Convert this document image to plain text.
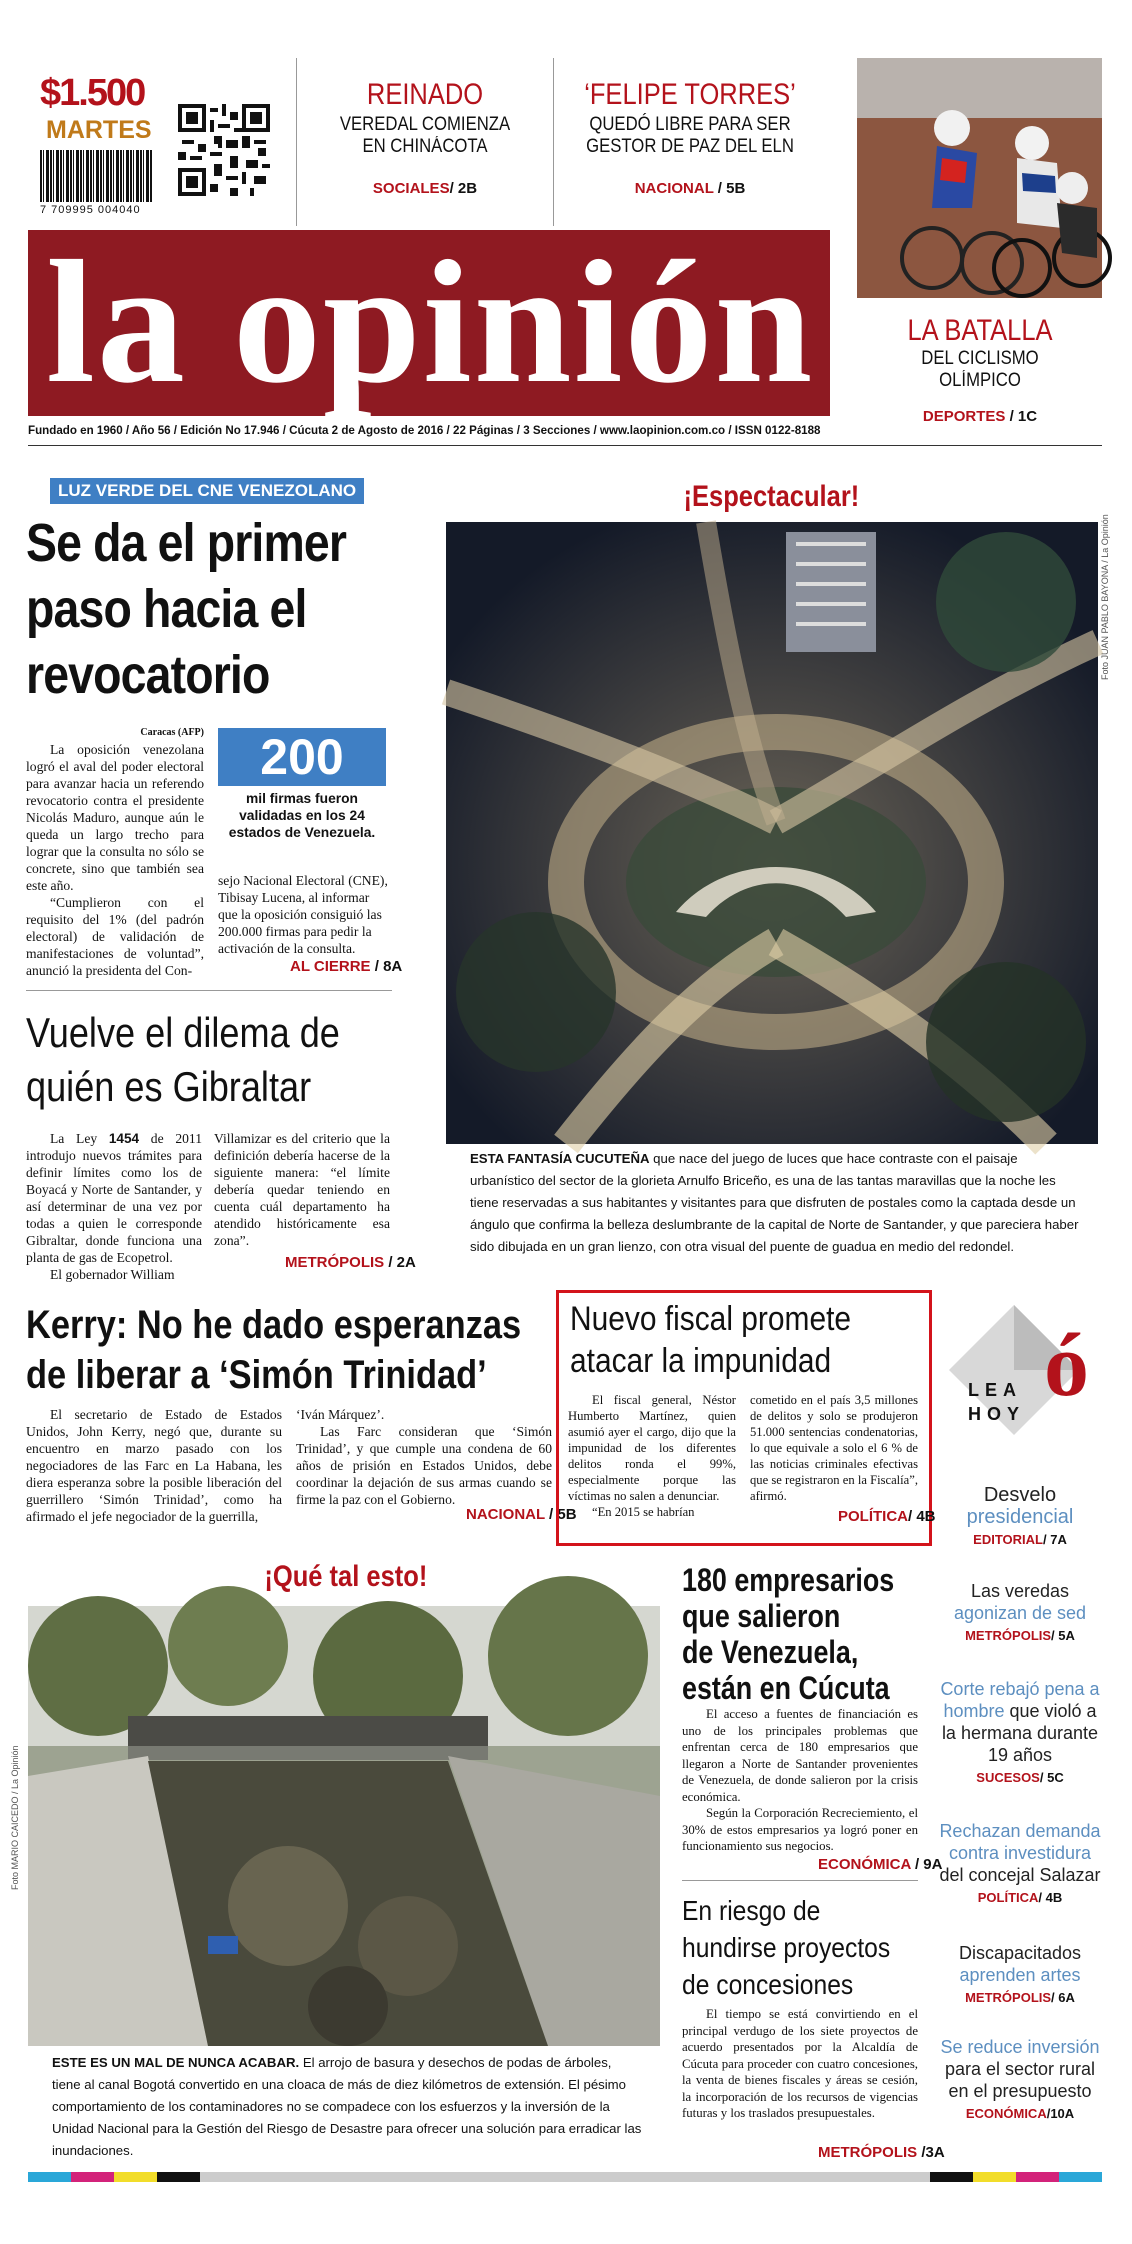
$1.500
MARTES
7 709995 004040
REINADO
VEREDAL COMIENZA
EN CHINÁCOTA
SOCIALES/ 2B
‘FELIPE TORRES’
QUEDÓ LIBRE PARA SER
GESTOR DE PAZ DEL ELN
NACIONAL / 5B
LA BATALLA
DEL CICLISMO
OLÍMPICO
DEPORTES / 1C
la opinión
Fundado en 1960 / Año 56 / Edición No 17.946 / Cúcuta 2 de Agosto de 2016 / 22 Páginas / 3 Secciones / www.laopinion.com.co / ISSN 0122-8188
LUZ VERDE DEL CNE VENEZOLANO
Se da el primer
paso hacia el
revocatorio
Caracas (AFP)

La oposición venezolana logró el aval del poder electoral para avanzar hacia un referendo revocatorio contra el presidente Nicolás Maduro, aunque aún le queda un largo trecho para lograr que la consulta no sólo se concrete, sino que también sea este año.

“Cumplieron con el requisito del 1% (del padrón electoral) de validación de manifestaciones de voluntad”, anunció la presidenta del Con-

200
mil firmas fueron validadas en los 24 estados de Venezuela.

sejo Nacional Electoral (CNE), Tibisay Lucena, al informar que la oposición consiguió las 200.000 firmas para pedir la activación de la consulta.

AL CIERRE / 8A
¡Espectacular!
Foto JUAN PABLO BAYONA / La Opinión
ESTA FANTASÍA CUCUTEÑA que nace del juego de luces que hace contraste con el paisaje urbanístico del sector de la glorieta Arnulfo Briceño, es una de las tantas maravillas que la noche les tiene reservadas a sus habitantes y visitantes para que disfruten de postales como la captada desde un ángulo que confirma la belleza deslumbrante de la capital de Norte de Santander, y que pareciera haber sido dibujada en un gran lienzo, con otra visual del puente de guadua en medio del redondel.
Vuelve el dilema de
quién es Gibraltar

La Ley 1454 de 2011 introdujo nuevos trámites para definir límites como los de Boyacá y Norte de Santander, y así determinar de una vez por todas a quien le corresponde Gibraltar, donde funciona una planta de gas de Ecopetrol.

El gobernador William

Villamizar es del criterio que la definición debería hacerse de la siguiente manera: “el límite debería quedar teniendo en cuenta cuál departamento ha atendido históricamente esa zona”.

METRÓPOLIS / 2A
Kerry: No he dado esperanzas
de liberar a ‘Simón Trinidad’

El secretario de Estado de Estados Unidos, John Kerry, negó que, durante su encuentro en marzo pasado con los negociadores de las Farc en La Habana, les diera esperanza sobre la posible liberación del guerrillero ‘Simón Trinidad’, como ha afirmado el jefe negociador de la guerrilla,

‘Iván Márquez’.

Las Farc consideran que ‘Simón Trinidad’, y que cumple una condena de 60 años de prisión en Estados Unidos, debe coordinar la dejación de sus armas cuando se firme la paz con el Gobierno.

NACIONAL / 5B
Nuevo fiscal promete
atacar la impunidad

El fiscal general, Néstor Humberto Martínez, quien asumió ayer el cargo, dijo que la impunidad de los diferentes delitos ronda el 99%, especialmente porque las víctimas no salen a denunciar.

“En 2015 se habrían

cometido en el país 3,5 millones de delitos y solo se produjeron 51.000 sentencias condenatorias, lo que equivale a solo el 6 % de las noticias criminales efectivas que se registraron en la Fiscalía”, afirmó.

POLÍTICA/ 4B
ó
LEA
HOY
Desvelo
presidencial
EDITORIAL/ 7A
Las veredas
agonizan de sed
METRÓPOLIS/ 5A
Corte rebajó pena a
hombre que violó a la hermana durante 19 años
SUCESOS/ 5C
Rechazan demanda contra investidura
del concejal Salazar
POLÍTICA/ 4B
Discapacitados
aprenden artes
METRÓPOLIS/ 6A
Se reduce inversión para el sector rural en el presupuesto
ECONÓMICA/10A
¡Qué tal esto!
Foto MARIO CAICEDO / La Opinión
ESTE ES UN MAL DE NUNCA ACABAR. El arrojo de basura y desechos de podas de árboles, tiene al canal Bogotá convertido en una cloaca de más de diez kilómetros de extensión. El pésimo comportamiento de los contaminadores no se compadece con los esfuerzos y la inversión de la Unidad Nacional para la Gestión del Riesgo de Desastre para ofrecer una solución para erradicar las inundaciones.
180 empresarios
que salieron
de Venezuela,
están en Cúcuta

El acceso a fuentes de financiación es uno de los principales problemas que enfrentan cerca de 180 empresarios que llegaron a Norte de Santander provenientes de Venezuela, de donde salieron por la crisis económica.

Según la Corporación Recreciemiento, el 30% de estos empresarios ya logró poner en funcionamiento sus negocios.

ECONÓMICA / 9A
En riesgo de
hundirse proyectos
de concesiones

El tiempo se está convirtiendo en el principal verdugo de los siete proyectos de acuerdo presentados por la Alcaldía de Cúcuta para proceder con cuatro concesiones, la venta de bienes fiscales y áreas se cesión, la incorporación de los recursos de vigencias futuras y los traslados presupuestales.

METRÓPOLIS /3A
